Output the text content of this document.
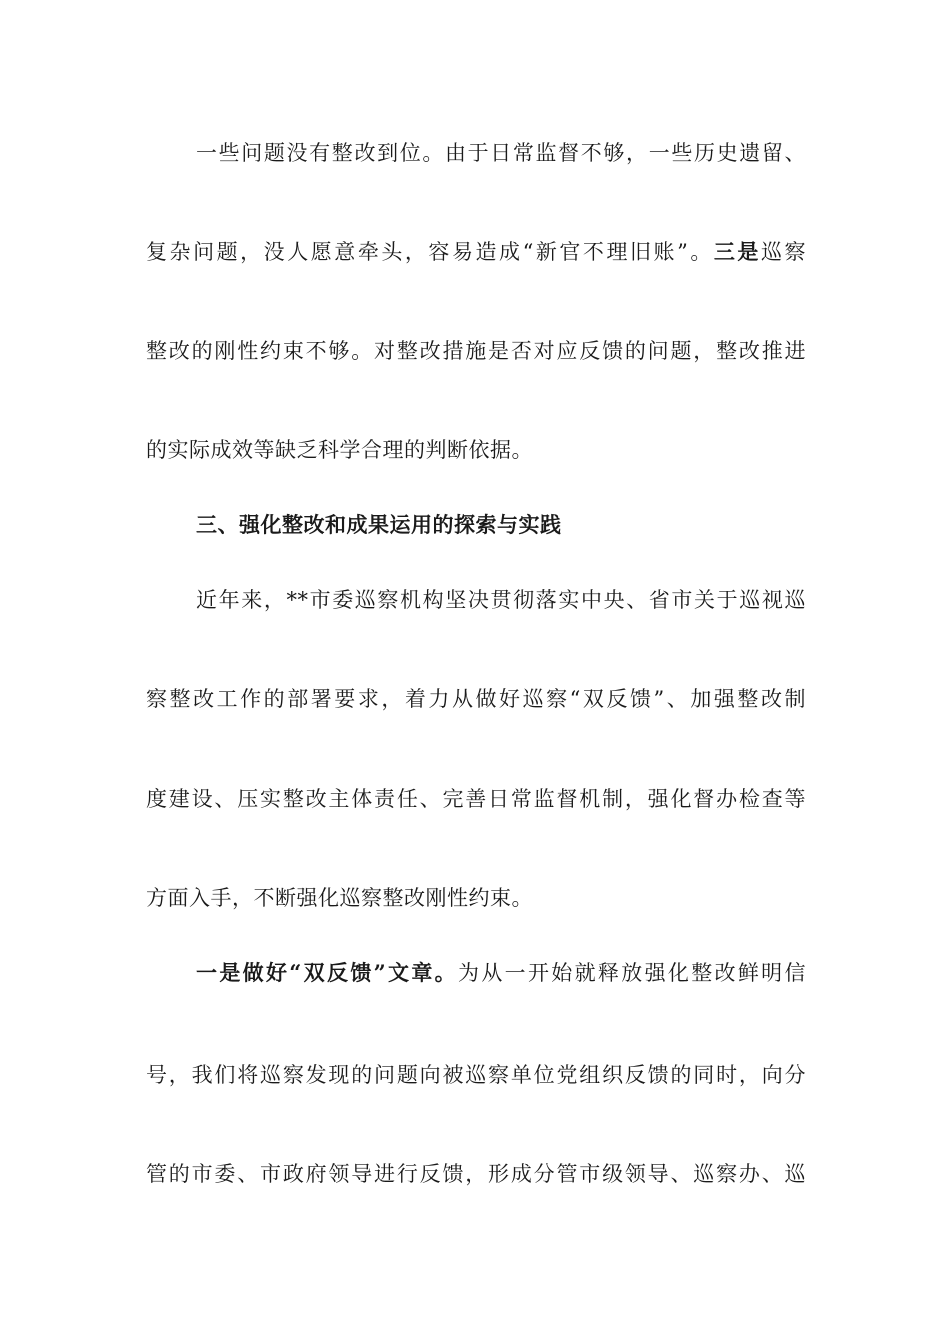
一些问题没有整改到位。由于日常监督不够，一些历史遗留、
复杂问题，没人愿意牵头，容易造成“新官不理旧账”。三是巡察
整改的刚性约束不够。对整改措施是否对应反馈的问题，整改推进
的实际成效等缺乏科学合理的判断依据。
三、强化整改和成果运用的探索与实践
近年来，**市委巡察机构坚决贯彻落实中央、省市关于巡视巡
察整改工作的部署要求，着力从做好巡察“双反馈”、加强整改制
度建设、压实整改主体责任、完善日常监督机制，强化督办检查等
方面入手，不断强化巡察整改刚性约束。
一是做好“双反馈”文章。为从一开始就释放强化整改鲜明信
号，我们将巡察发现的问题向被巡察单位党组织反馈的同时，向分
管的市委、市政府领导进行反馈，形成分管市级领导、巡察办、巡
